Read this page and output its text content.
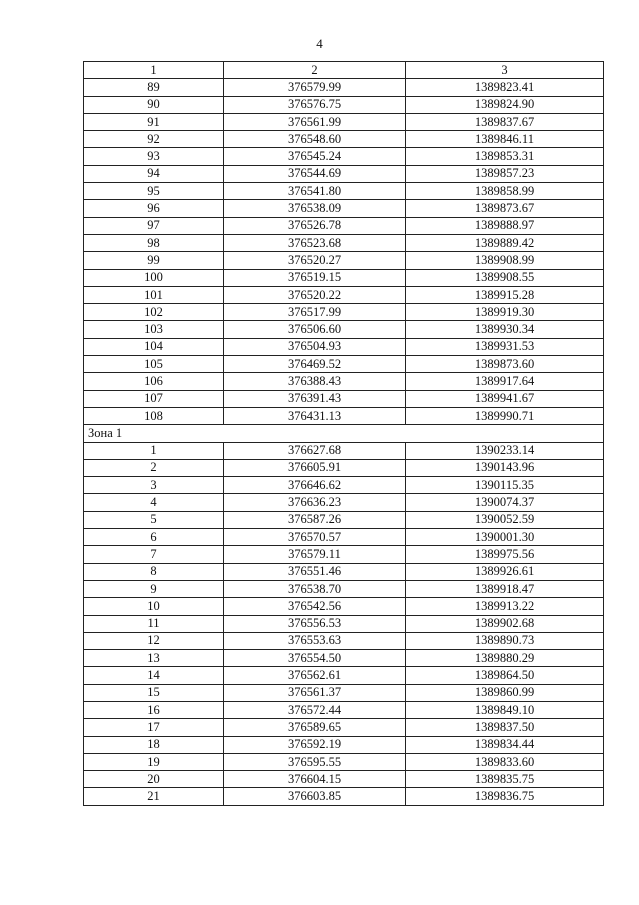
4
1	2	3
89	376579.99	1389823.41
90	376576.75	1389824.90
91	376561.99	1389837.67
92	376548.60	1389846.11
93	376545.24	1389853.31
94	376544.69	1389857.23
95	376541.80	1389858.99
96	376538.09	1389873.67
97	376526.78	1389888.97
98	376523.68	1389889.42
99	376520.27	1389908.99
100	376519.15	1389908.55
101	376520.22	1389915.28
102	376517.99	1389919.30
103	376506.60	1389930.34
104	376504.93	1389931.53
105	376469.52	1389873.60
106	376388.43	1389917.64
107	376391.43	1389941.67
108	376431.13	1389990.71
Зона 1		
1	376627.68	1390233.14
2	376605.91	1390143.96
3	376646.62	1390115.35
4	376636.23	1390074.37
5	376587.26	1390052.59
6	376570.57	1390001.30
7	376579.11	1389975.56
8	376551.46	1389926.61
9	376538.70	1389918.47
10	376542.56	1389913.22
11	376556.53	1389902.68
12	376553.63	1389890.73
13	376554.50	1389880.29
14	376562.61	1389864.50
15	376561.37	1389860.99
16	376572.44	1389849.10
17	376589.65	1389837.50
18	376592.19	1389834.44
19	376595.55	1389833.60
20	376604.15	1389835.75
21	376603.85	1389836.75
